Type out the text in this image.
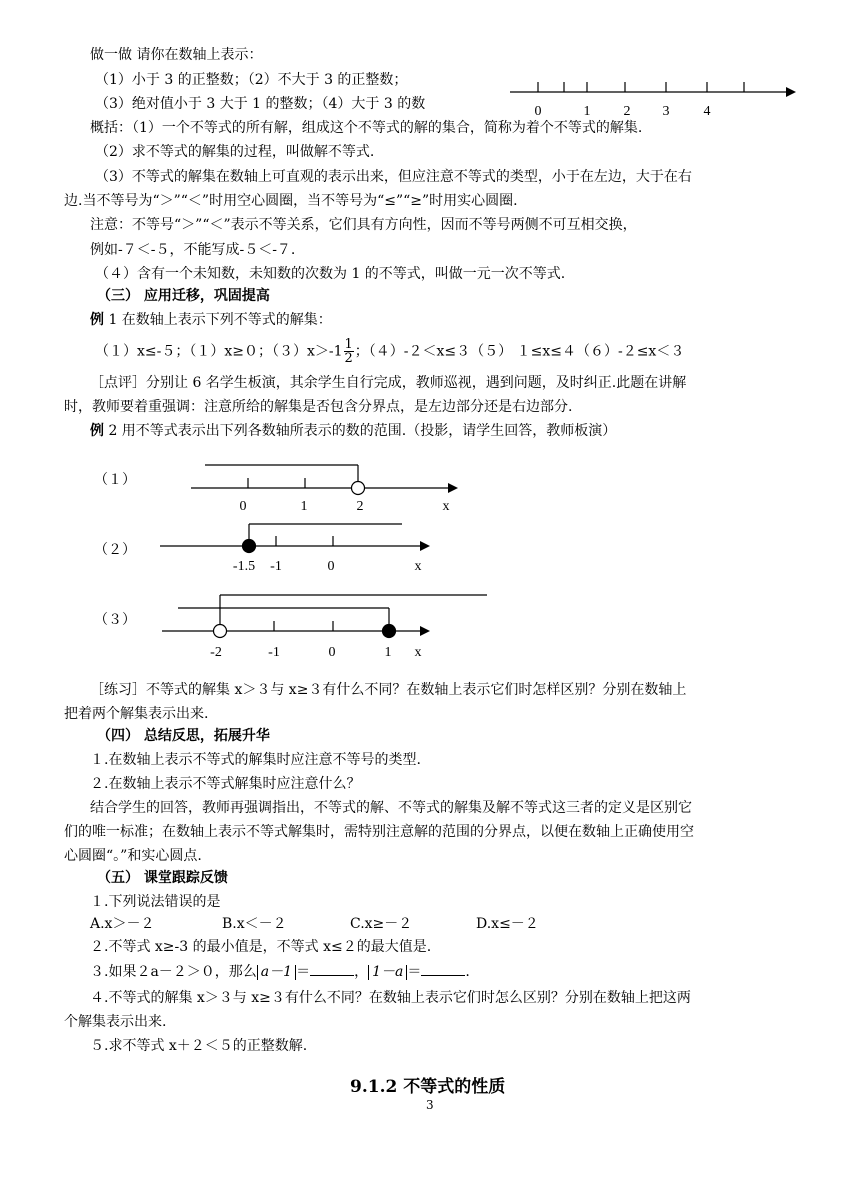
做一做 请你在数轴上表示：
（1）小于 3 的正整数；（2）不大于 3 的正整数；
（3）绝对值小于 3 大于 1 的整数；（4）大于 3 的数
概括：（1）一个不等式的所有解，组成这个不等式的解的集合，简称为着个不等式的解集.
（2）求不等式的解集的过程，叫做解不等式.
（3）不等式的解集在数轴上可直观的表示出来，但应注意不等式的类型，小于在左边，大于在右
边.当不等号为“＞”“＜”时用空心圆圈，当不等号为“≤”“≥”时用实心圆圈.
注意：不等号“＞”“＜”表示不等关系，它们具有方向性，因而不等号两侧不可互相交换，
例如-７＜-５，不能写成-５＜-７.
（４）含有一个未知数，未知数的次数为 1 的不等式，叫做一元一次不等式.
（三） 应用迁移，巩固提高
例 1 在数轴上表示下列不等式的解集：
（１）x≤-５；（１）x≥０；$(3)x>-1 \frac{1}{2}$ ；（４）-２＜x≤３（５） １≤x≤４（６）-２≤x＜３
［点评］分别让 6 名学生板演，其余学生自行完成，教师巡视，遇到问题，及时纠正.此题在讲解
时，教师要着重强调：注意所给的解集是否包含分界点，是左边部分还是右边部分.
例 2 用不等式表示出下列各数轴所表示的数的范围.（投影，请学生回答，教师板演）
0	1 2 3 4
（１）
0	1	2	x
（２）
-1.5 -1	0	x
（３）
-2	-1	0	1 x
［练习］不等式的解集 x＞３与 x≥３有什么不同？在数轴上表示它们时怎样区别？分别在数轴上
把着两个解集表示出来.
（四） 总结反思，拓展升华
１.在数轴上表示不等式的解集时应注意不等号的类型.
２.在数轴上表示不等式解集时应注意什么？
结合学生的回答，教师再强调指出，不等式的解、不等式的解集及解不等式这三者的定义是区别它
们的唯一标准；在数轴上表示不等式解集时，需特别注意解的范围的分界点，以便在数轴上正确使用空
心圆圈“。”和实心圆点.
（五） 课堂跟踪反馈
１.下列说法错误的是
A.x＞－２	B.x＜－２	C.x≥－２	D.x≤－２
２.不等式 x≥-3 的最小值是，不等式 x≤２的最大值是.
３.如果２a－２＞０，那么 a－1 ＝	， 1－a ＝	.
４.不等式的解集 x＞３与 x≥３有什么不同？在数轴上表示它们时怎么区别？分别在数轴上把这两
个解集表示出来.
５.求不等式 x＋２＜５的正整数解.
9.1.2 不等式的性质
3
